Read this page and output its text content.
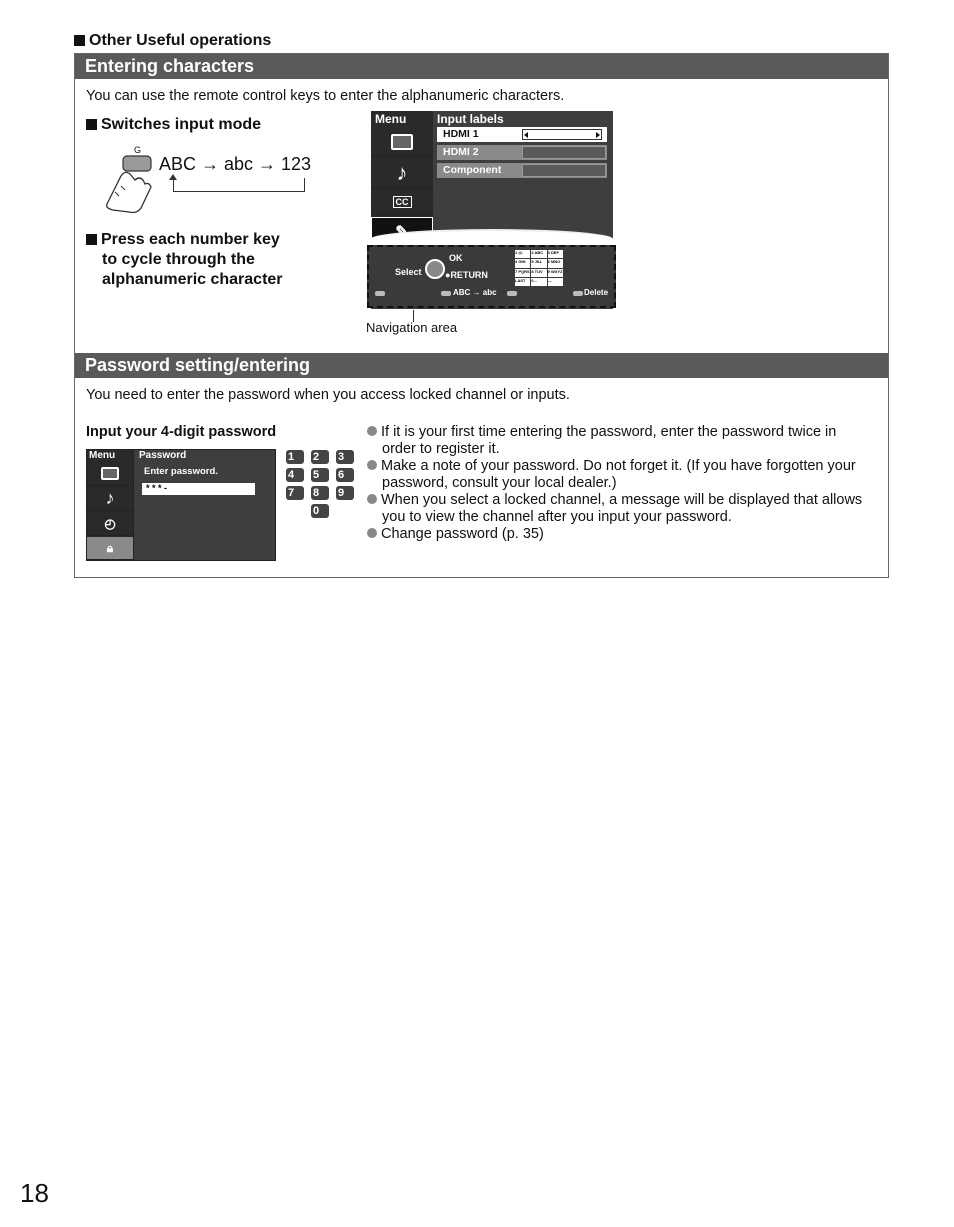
Other Useful operations
Entering characters
You can use the remote control keys to enter the alphanumeric characters.
Switches input mode
G
ABC → abc → 123
Press each number key
to cycle through the
alphanumeric character
Menu
♪
CC
Input labels
HDMI 1
HDMI 2
Component
Select
OK
●RETURN
1 @.	2 ABC	3 DEF
4 GHI	5 JKL	6 MNO
7 PQRS 8 TUV	9 WXYZ
LAST	0 -.	—
ABC → abc	Delete
Navigation area
Password setting/entering
You need to enter the password when you access locked channel or inputs.
Input your 4-digit password
Menu
♪
◴
🔒︎
Password
Enter password.
* * * -
1	2	3
4	5	6
7	8	9
0
If it is your first time entering the password, enter the password twice in order to register it.
Make a note of your password. Do not forget it. (If you have forgotten your password, consult your local dealer.)
When you select a locked channel, a message will be displayed that allows you to view the channel after you input your password.
Change password (p. 35)
18
